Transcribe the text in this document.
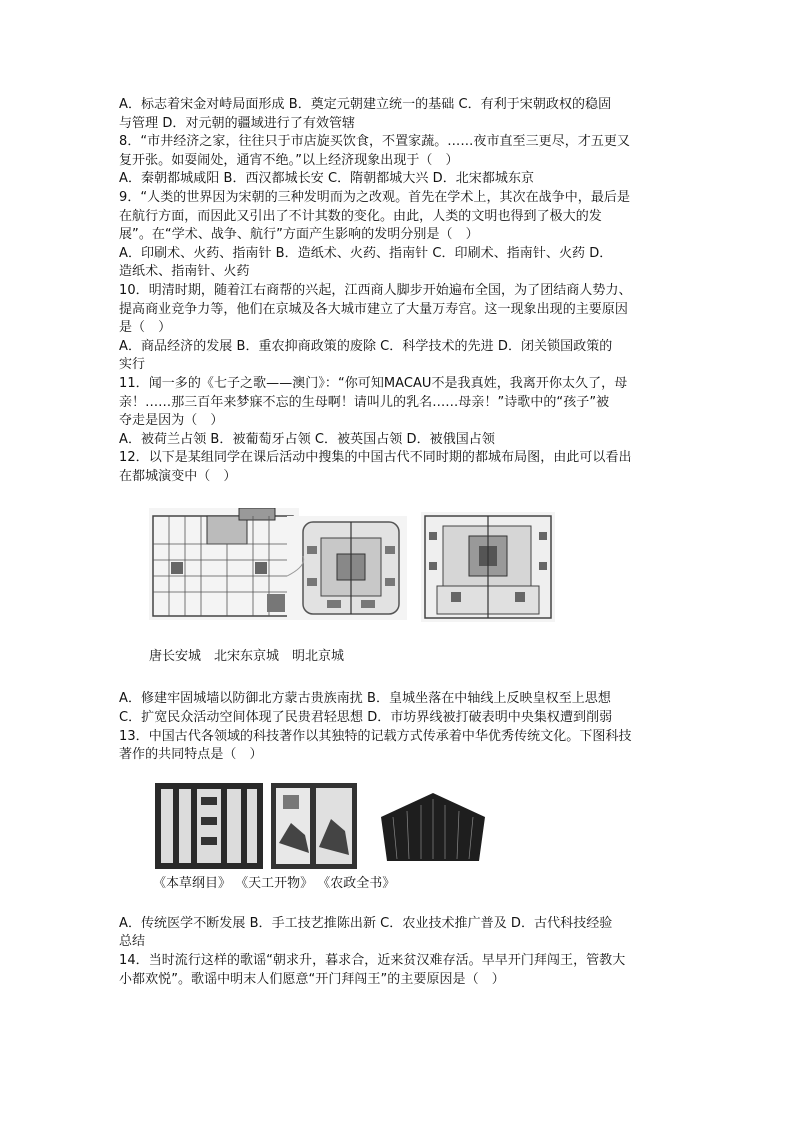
A．标志着宋金对峙局面形成 B．奠定元朝建立统一的基础 C．有利于宋朝政权的稳固
与管理 D．对元朝的疆域进行了有效管辖
8．“市井经济之家，往往只于市店旋买饮食，不置家蔬。……夜市直至三更尽，才五更又
复开张。如耍闹处，通宵不绝。”以上经济现象出现于（　）
A．秦朝都城咸阳 B．西汉都城长安 C．隋朝都城大兴 D．北宋都城东京
9．“人类的世界因为宋朝的三种发明而为之改观。首先在学术上，其次在战争中，最后是
在航行方面，而因此又引出了不计其数的变化。由此，人类的文明也得到了极大的发
展”。在“学术、战争、航行”方面产生影响的发明分别是（　）
A．印刷术、火药、指南针 B．造纸术、火药、指南针 C．印刷术、指南针、火药 D．
造纸术、指南针、火药
10．明清时期，随着江右商帮的兴起，江西商人脚步开始遍布全国，为了团结商人势力、
提高商业竞争力等，他们在京城及各大城市建立了大量万寿宫。这一现象出现的主要原因
是（　）
A．商品经济的发展 B．重农抑商政策的废除 C．科学技术的先进 D．闭关锁国政策的
实行
11．闻一多的《七子之歌——澳门》：“你可知MACAU不是我真姓，我离开你太久了，母
亲！……那三百年来梦寐不忘的生母啊！请叫儿的乳名……母亲！”诗歌中的“孩子”被
夺走是因为（　）
A．被荷兰占领 B．被葡萄牙占领 C．被英国占领 D．被俄国占领
12．以下是某组同学在课后活动中搜集的中国古代不同时期的都城布局图，由此可以看出
在都城演变中（　）
唐长安城　北宋东京城　明北京城
A．修建牢固城墙以防御北方蒙古贵族南扰 B．皇城坐落在中轴线上反映皇权至上思想
C．扩宽民众活动空间体现了民贵君轻思想 D．市坊界线被打破表明中央集权遭到削弱
13．中国古代各领域的科技著作以其独特的记载方式传承着中华优秀传统文化。下图科技
著作的共同特点是（　）
《本草纲目》 《天工开物》 《农政全书》
A．传统医学不断发展 B．手工技艺推陈出新 C．农业技术推广普及 D．古代科技经验
总结
14．当时流行这样的歌谣“朝求升，暮求合，近来贫汉难存活。早早开门拜闯王，管教大
小都欢悦”。歌谣中明末人们愿意“开门拜闯王”的主要原因是（　）
